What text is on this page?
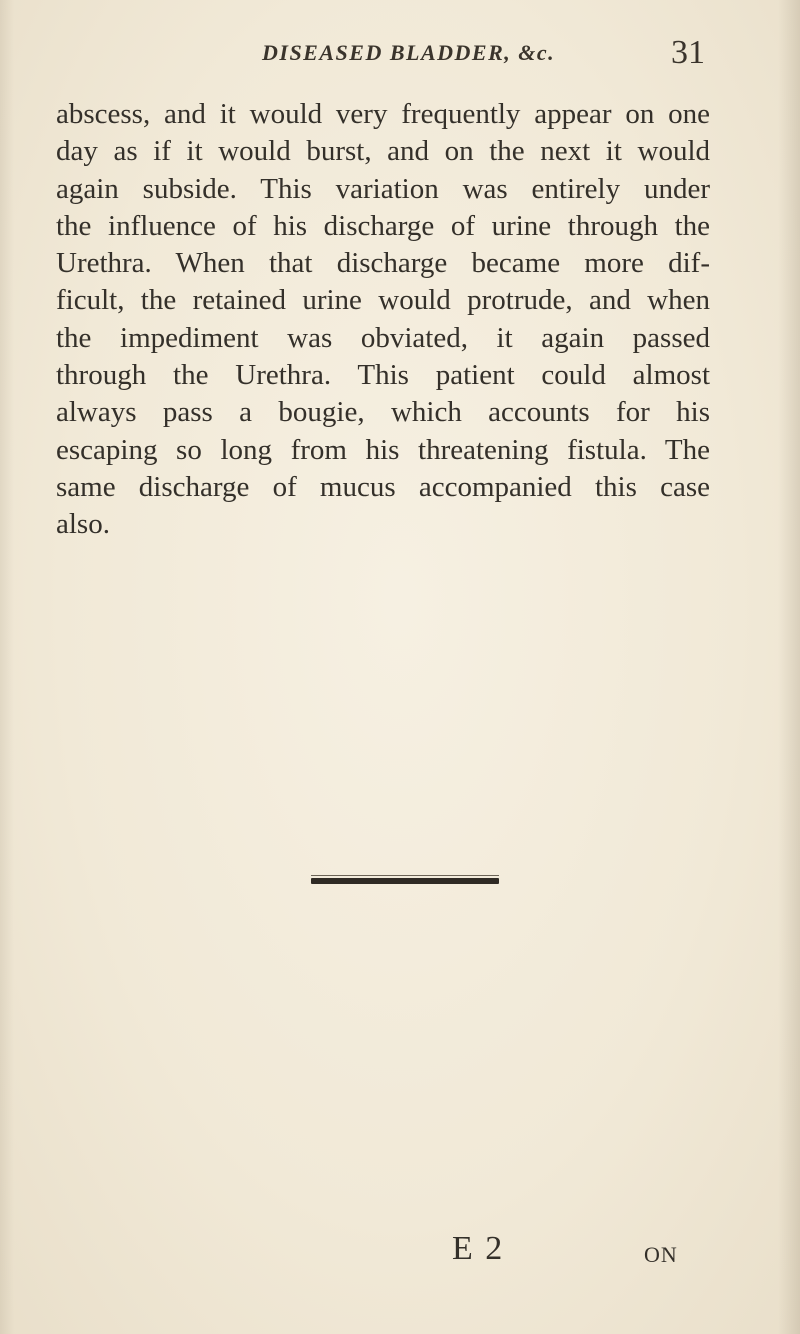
DISEASED BLADDER, &c.	31
abscess, and it would very frequently appear on one
day as if it would burst, and on the next it would
again subside. This variation was entirely under
the influence of his discharge of urine through the
Urethra. When that discharge became more dif-
ficult, the retained urine would protrude, and when
the impediment was obviated, it again passed
through the Urethra. This patient could almost
always pass a bougie, which accounts for his
escaping so long from his threatening fistula. The
same discharge of mucus accompanied this case
also.
E 2	ON
